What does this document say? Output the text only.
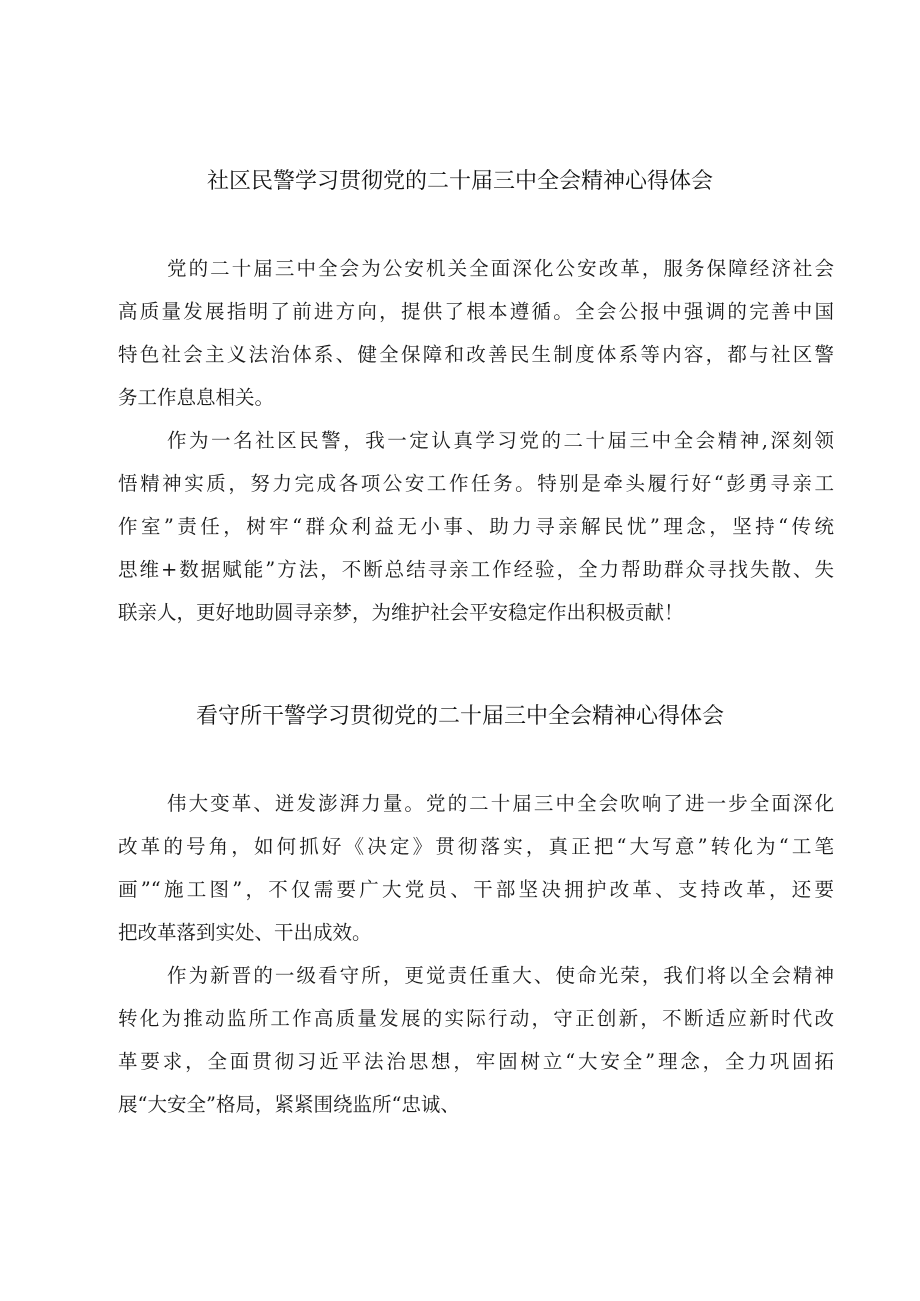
社区民警学习贯彻党的二十届三中全会精神心得体会
党的二十届三中全会为公安机关全面深化公安改革，服务保障经济社会
高质量发展指明了前进方向，提供了根本遵循。全会公报中强调的完善中国
特色社会主义法治体系、健全保障和改善民生制度体系等内容，都与社区警
务工作息息相关。
作为一名社区民警，我一定认真学习党的二十届三中全会精神,深刻领
悟精神实质，努力完成各项公安工作任务。特别是牵头履行好“彭勇寻亲工
作室”责任，树牢“群众利益无小事、助力寻亲解民忧”理念，坚持“传统
思维+数据赋能”方法，不断总结寻亲工作经验，全力帮助群众寻找失散、失
联亲人，更好地助圆寻亲梦，为维护社会平安稳定作出积极贡献！
看守所干警学习贯彻党的二十届三中全会精神心得体会
伟大变革、迸发澎湃力量。党的二十届三中全会吹响了进一步全面深化
改革的号角，如何抓好《决定》贯彻落实，真正把“大写意”转化为“工笔
画”“施工图”，不仅需要广大党员、干部坚决拥护改革、支持改革，还要
把改革落到实处、干出成效。
作为新晋的一级看守所，更觉责任重大、使命光荣，我们将以全会精神
转化为推动监所工作高质量发展的实际行动，守正创新，不断适应新时代改
革要求，全面贯彻习近平法治思想，牢固树立“大安全”理念，全力巩固拓
展“大安全”格局，紧紧围绕监所“忠诚、
